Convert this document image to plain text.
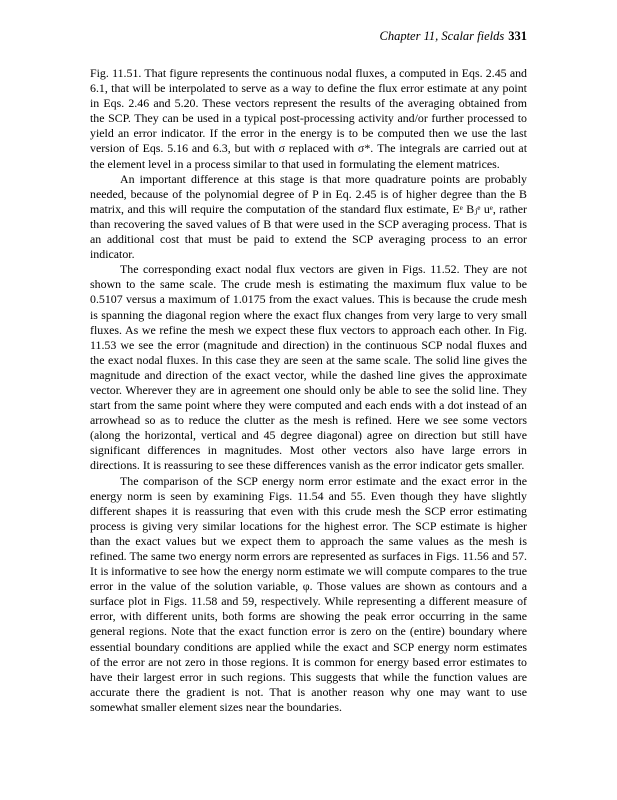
Chapter 11, Scalar fields 331

Fig. 11.51. That figure represents the continuous nodal fluxes, a computed in Eqs. 2.45 and 6.1, that will be interpolated to serve as a way to define the flux error estimate at any point in Eqs. 2.46 and 5.20. These vectors represent the results of the averaging obtained from the SCP. They can be used in a typical post-processing activity and/or further processed to yield an error indicator. If the error in the energy is to be computed then we use the last version of Eqs. 5.16 and 6.3, but with σ replaced with σ*. The integrals are carried out at the element level in a process similar to that used in formulating the element matrices.

An important difference at this stage is that more quadrature points are probably needed, because of the polynomial degree of P in Eq. 2.45 is of higher degree than the B matrix, and this will require the computation of the standard flux estimate, Eᵉ Bⱼᵉ uᵉ, rather than recovering the saved values of B that were used in the SCP averaging process. That is an additional cost that must be paid to extend the SCP averaging process to an error indicator.

The corresponding exact nodal flux vectors are given in Figs. 11.52. They are not shown to the same scale. The crude mesh is estimating the maximum flux value to be 0.5107 versus a maximum of 1.0175 from the exact values. This is because the crude mesh is spanning the diagonal region where the exact flux changes from very large to very small fluxes. As we refine the mesh we expect these flux vectors to approach each other. In Fig. 11.53 we see the error (magnitude and direction) in the continuous SCP nodal fluxes and the exact nodal fluxes. In this case they are seen at the same scale. The solid line gives the magnitude and direction of the exact vector, while the dashed line gives the approximate vector. Wherever they are in agreement one should only be able to see the solid line. They start from the same point where they were computed and each ends with a dot instead of an arrowhead so as to reduce the clutter as the mesh is refined. Here we see some vectors (along the horizontal, vertical and 45 degree diagonal) agree on direction but still have significant differences in magnitudes. Most other vectors also have large errors in directions. It is reassuring to see these differences vanish as the error indicator gets smaller.

The comparison of the SCP energy norm error estimate and the exact error in the energy norm is seen by examining Figs. 11.54 and 55. Even though they have slightly different shapes it is reassuring that even with this crude mesh the SCP error estimating process is giving very similar locations for the highest error. The SCP estimate is higher than the exact values but we expect them to approach the same values as the mesh is refined. The same two energy norm errors are represented as surfaces in Figs. 11.56 and 57. It is informative to see how the energy norm estimate we will compute compares to the true error in the value of the solution variable, φ. Those values are shown as contours and a surface plot in Figs. 11.58 and 59, respectively. While representing a different measure of error, with different units, both forms are showing the peak error occurring in the same general regions. Note that the exact function error is zero on the (entire) boundary where essential boundary conditions are applied while the exact and SCP energy norm estimates of the error are not zero in those regions. It is common for energy based error estimates to have their largest error in such regions. This suggests that while the function values are accurate there the gradient is not. That is another reason why one may want to use somewhat smaller element sizes near the boundaries.
